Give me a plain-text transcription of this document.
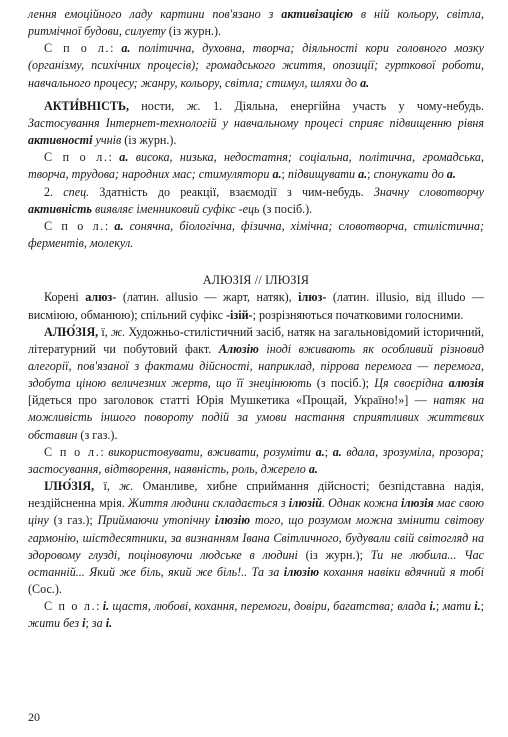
лення емоційного ладу картини пов'язано з активізацією в ній кольору, світла, ритмічної будови, силуету (із журн.).

С п о л.: а. політична, духовна, творча; діяльності кори головного мозку (організму, психічних процесів); громадського життя, опозиції; гурткової роботи, навчального процесу; жанру, кольору, світла; стимул, шляхи до а.

АКТИ́ВНІСТЬ, ности, ж. 1. Діяльна, енергійна участь у чому-небудь. Застосування Інтернет-технологій у навчальному процесі сприяє підвищенню рівня активності учнів (із журн.).

С п о л.: а. висока, низька, недостатня; соціальна, політична, громадська, творча, трудова; народних мас; стимулятори а.; підвищувати а.; спонукати до а.

2. спец. Здатність до реакції, взаємодії з чим-небудь. Значну словотворчу активність виявляє іменниковий суфікс -ець (з посіб.).

С п о л.: а. сонячна, біологічна, фізична, хімічна; словотворча, стилістична; ферментів, молекул.

АЛЮЗІЯ // ІЛЮЗІЯ

Корені алюз- (латин. allusio — жарт, натяк), ілюз- (латин. illusio, від illudo — висміюю, обманюю); спільний суфікс -ізій-; розрізняються початковими голосними.

АЛЮ́ЗІЯ, ї, ж. Художньо-стилістичний засіб, натяк на загальновідомий історичний, літературний чи побутовий факт. Алюзію іноді вживають як особливий різновид алегорії, пов'язаної з фактами дійсності, наприклад, піррова перемога — перемога, здобута ціною величезних жертв, що її знецінюють (з посіб.); Ця своєрідна алюзія [йдеться про заголовок статті Юрія Мушкетика «Прощай, Україно!»] — натяк на можливість іншого повороту подій за умови настання сприятливих життєвих обставин (з газ.).

С п о л.: використовувати, вживати, розуміти а.; а. вдала, зрозуміла, прозора; застосування, відтворення, наявність, роль, джерело а.

ІЛЮ́ЗІЯ, ї, ж. Оманливе, хибне сприймання дійсності; безпідставна надія, нездійсненна мрія. Життя людини складається з ілюзій. Однак кожна ілюзія має свою ціну (з газ.); Приймаючи утопічну ілюзію того, що розумом можна змінити світову гармонію, шістдесятники, за визнанням Івана Світличного, будували свій світогляд на здоровому глузді, поціновуючи людське в людині (із журн.); Ти не любила... Час останній... Який же біль, який же біль!.. Та за ілюзію кохання навіки вдячний я тобі (Сос.).

С п о л.: і. щастя, любові, кохання, перемоги, довіри, багатства; влада і.; мати і.; жити без і; за і.

20
